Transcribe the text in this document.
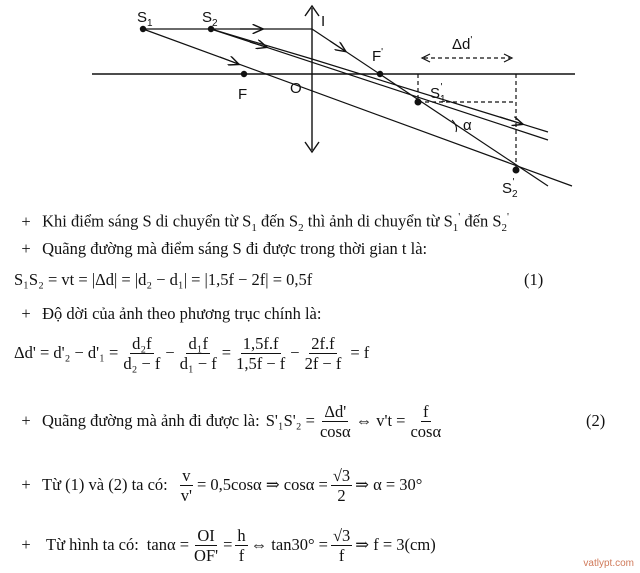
$S_1$	$S_2$	I
F'
F	O
Δd'
$S_1'$
$S_2'$
α
+ Khi điểm sáng S di chuyển từ $S_1$ đến $S_2$ thì ảnh di chuyển từ $S_1'$ đến $S_2'$
+ Quãng đường mà điểm sáng S đi được trong thời gian t là:
S₁S₂ = vt = |Δd| = |d₂ − d₁| = |1,5f − 2f| = 0,5f	(1)
+ Độ dời của ảnh theo phương trục chính là:
$\Delta d' = d'_2 - d'_1 = \frac{\text{d₂f}}{\text{d₂ − f}} - \frac{\text{d₁f}}{\text{d₁ − f}} = \frac{1,5f.f}{1,5f - f} - \frac{2f.f}{2f - f} = f$
+ Quãng đường mà ảnh đi được là: $S'_1S'_2 = \frac{\Delta d'}{\cos\alpha}$ ⇔ $v't = \frac{f}{\cos\alpha}$	(2)
+ Từ (1) và (2) ta có: $\frac{v}{v'} = 0,5\cos\alpha$ ⇒ $\cos\alpha = \frac{√3}{2}$ ⇒ α = 30°
+ Từ hình ta có: $\tan\alpha = \frac{OI}{OF'} = \frac{h}{f}$ ⇔ $\tan 30^\circ = \frac{√3}{f}$ ⇒ f = 3(cm)
vatlypt.com
